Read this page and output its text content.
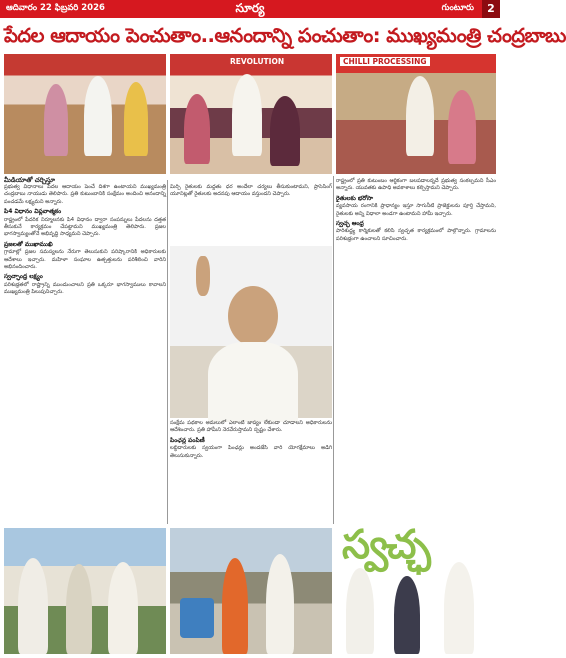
సూర్య
ఆదివారం 22 ఫిబ్రవరి 2026	గుంటూరు	2
పేదల ఆదాయం పెంచుతాం..ఆనందాన్ని పంచుతాం: ముఖ్యమంత్రి చంద్రబాబు
REVOLUTION	CHILLI PROCESSING
మీడియాతో చర్చిస్తూ

ప్రభుత్వ విధానాలు పేదల ఆదాయం పెంచే దిశగా ఉంటాయని ముఖ్యమంత్రి చంద్రబాబు నాయుడు తెలిపారు. ప్రతి కుటుంబానికి సంక్షేమం అందించి ఆనందాన్ని పంచడమే లక్ష్యమని అన్నారు.

పి4 విధానం విప్లవాత్మకం

రాష్ట్రంలో పేదరిక నిర్మూలనకు పి4 విధానం ద్వారా సంపన్నులు పేదలను దత్తత తీసుకునే కార్యక్రమం చేపట్టామని ముఖ్యమంత్రి తెలిపారు. ప్రజల భాగస్వామ్యంతోనే అభివృద్ధి సాధ్యమని చెప్పారు.

ప్రజలతో ముఖాముఖి

గ్రామాల్లో ప్రజల సమస్యలను నేరుగా తెలుసుకుని పరిష్కారానికి అధికారులకు ఆదేశాలు ఇచ్చారు. మహిళా సంఘాల ఉత్పత్తులను పరిశీలించి వారిని అభినందించారు.

స్వచ్ఛాంధ్ర లక్ష్యం

పరిశుభ్రతలో రాష్ట్రాన్ని ముందుంచాలని ప్రతి ఒక్కరూ భాగస్వాములు కావాలని ముఖ్యమంత్రి పిలుపునిచ్చారు.

మిర్చి రైతులకు మద్దతు ధర అందేలా చర్యలు తీసుకుంటామని, ప్రాసెసింగ్ యూనిట్లతో రైతులకు అదనపు ఆదాయం వస్తుందని చెప్పారు.

సంక్షేమ పథకాల అమలులో ఎలాంటి జాప్యం లేకుండా చూడాలని అధికారులను ఆదేశించారు. ప్రతి హామీని నెరవేరుస్తామని స్పష్టం చేశారు.

పింఛన్ల పంపిణీ

లబ్ధిదారులకు స్వయంగా పింఛన్లు అందజేసి వారి యోగక్షేమాలు అడిగి తెలుసుకున్నారు.

రాష్ట్రంలో ప్రతి కుటుంబం ఆర్థికంగా బలపడాలన్నదే ప్రభుత్వ సంకల్పమని సీఎం అన్నారు. యువతకు ఉపాధి అవకాశాలు కల్పిస్తామని చెప్పారు.

రైతులకు భరోసా

వ్యవసాయ రంగానికి ప్రాధాన్యం ఇస్తూ సాగునీటి ప్రాజెక్టులను పూర్తి చేస్తామని, రైతులకు అన్ని విధాలా అండగా ఉంటామని హామీ ఇచ్చారు.

స్వచ్ఛ ఆంధ్ర

పారిశుద్ధ్య కార్మికులతో కలిసి స్వచ్ఛత కార్యక్రమంలో పాల్గొన్నారు. గ్రామాలను పరిశుభ్రంగా ఉంచాలని సూచించారు.

స్వచ్ఛ
